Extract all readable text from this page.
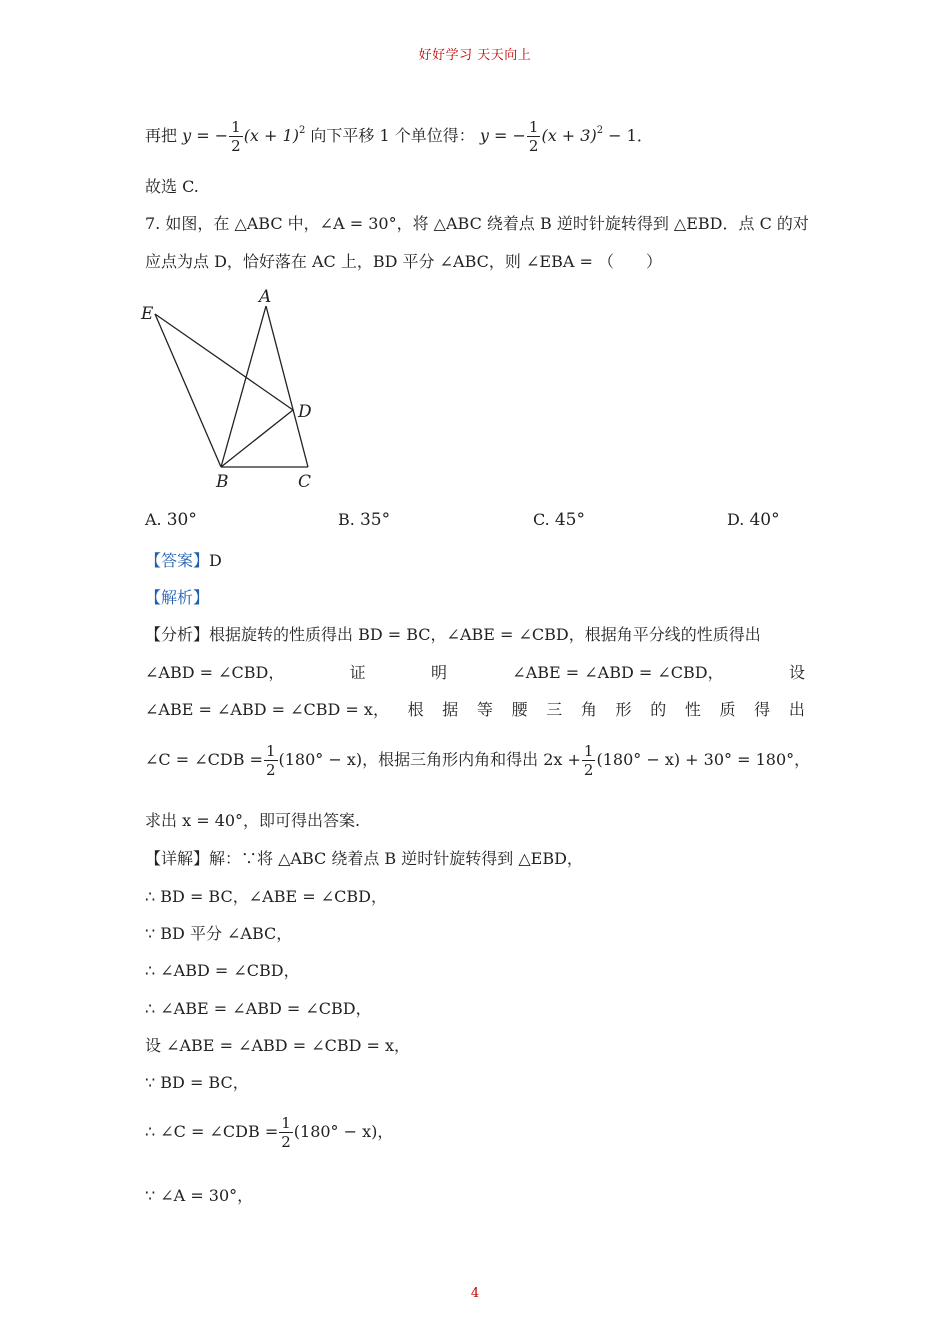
好好学习 天天向上
再把 y = − $\frac{1}{2} (x + 1)^2$ 向下平移 1 个单位得： y = − $\frac{1}{2} (x + 3)^2 - 1$．
故选 C.
7. 如图，在 △ABC 中，∠A = 30°，将 △ABC 绕着点 B 逆时针旋转得到 △EBD．点 C 的对
应点为点 D，恰好落在 AC 上，BD 平分 ∠ABC，则 ∠EBA = （　　）
E
A
D
B	C
A. 30°	B. 35°	C. 45°	D. 40°
【答案】D
【解析】
【分析】根据旋转的性质得出 BD = BC，∠ABE = ∠CBD，根据角平分线的性质得出
∠ABD = ∠CBD，	证	明	∠ABE = ∠ABD = ∠CBD，	设
∠ABE = ∠ABD = ∠CBD = x， 根 据 等 腰 三 角 形 的 性 质 得 出
∠C = ∠CDB = $\frac{1}{2} (180^\circ - x)$，根据三角形内角和得出 $2x + \frac{1}{2} (180^\circ - x) + 30^\circ = 180^\circ$，
求出 x = 40°，即可得出答案.
【详解】解：∵将 △ABC 绕着点 B 逆时针旋转得到 △EBD，
∴ BD = BC，∠ABE = ∠CBD，
∵ BD 平分 ∠ABC，
∴ ∠ABD = ∠CBD，
∴ ∠ABE = ∠ABD = ∠CBD，
设 ∠ABE = ∠ABD = ∠CBD = x，
∵ BD = BC，
∴ ∠C = ∠CDB = $\frac{1}{2} (180^\circ - x)$，
∵ ∠A = 30°，
4
